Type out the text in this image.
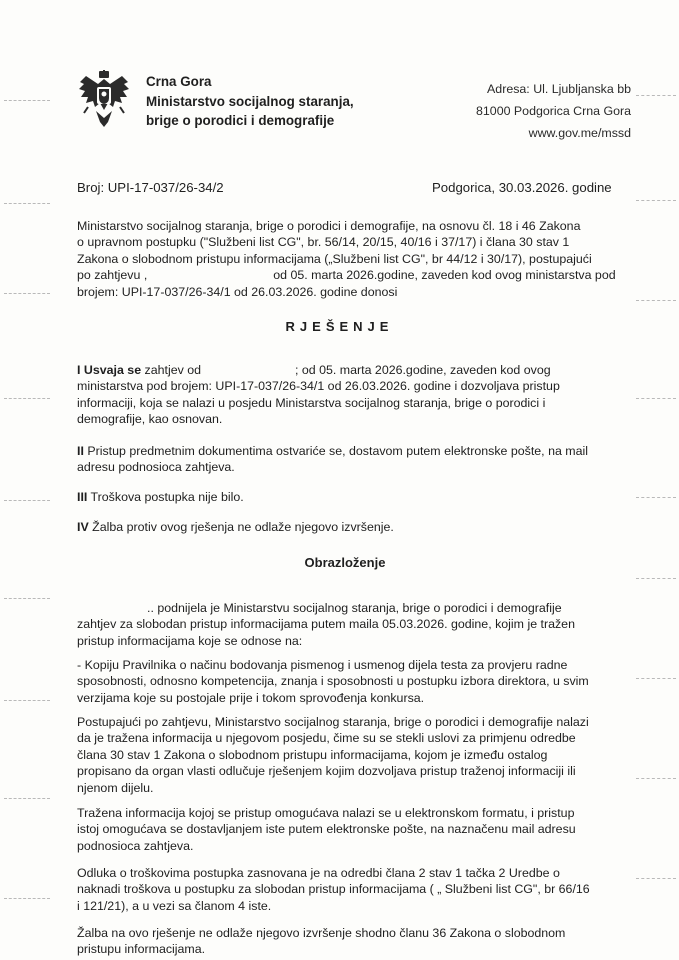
Crna Gora
Ministarstvo socijalnog staranja,
brige o porodici i demografije
Adresa: Ul. Ljubljanska bb
81000 Podgorica Crna Gora
www.gov.me/mssd
Broj: UPI-17-037/26-34/2	Podgorica, 30.03.2026. godine
Ministarstvo socijalnog staranja, brige o porodici i demografije, na osnovu čl. 18 i 46 Zakona
o upravnom postupku ("Službeni list CG", br. 56/14, 20/15, 40/16 i 37/17) i člana 30 stav 1
Zakona o slobodnom pristupu informacijama („Službeni list CG", br 44/12 i 30/17), postupajući
po zahtjevu ,	od 05. marta 2026.godine, zaveden kod ovog ministarstva pod
brojem: UPI-17-037/26-34/1 od 26.03.2026. godine donosi
RJEŠENJE
I Usvaja se zahtjev od	; od 05. marta 2026.godine, zaveden kod ovog
ministarstva pod brojem: UPI-17-037/26-34/1 od 26.03.2026. godine i dozvoljava pristup
informaciji, koja se nalazi u posjedu Ministarstva socijalnog staranja, brige o porodici i
demografije, kao osnovan.
II Pristup predmetnim dokumentima ostvariće se, dostavom putem elektronske pošte, na mail
adresu podnosioca zahtjeva.
III Troškova postupka nije bilo.
IV Žalba protiv ovog rješenja ne odlaže njegovo izvršenje.
Obrazloženje
.. podnijela je Ministarstvu socijalnog staranja, brige o porodici i demografije
zahtjev za slobodan pristup informacijama putem maila 05.03.2026. godine, kojim je tražen
pristup informacijama koje se odnose na:
- Kopiju Pravilnika o načinu bodovanja pismenog i usmenog dijela testa za provjeru radne
sposobnosti, odnosno kompetencija, znanja i sposobnosti u postupku izbora direktora, u svim
verzijama koje su postojale prije i tokom sprovođenja konkursa.
Postupajući po zahtjevu, Ministarstvo socijalnog staranja, brige o porodici i demografije nalazi
da je tražena informacija u njegovom posjedu, čime su se stekli uslovi za primjenu odredbe
člana 30 stav 1 Zakona o slobodnom pristupu informacijama, kojom je između ostalog
propisano da organ vlasti odlučuje rješenjem kojim dozvoljava pristup traženoj informaciji ili
njenom dijelu.
Tražena informacija kojoj se pristup omogućava nalazi se u elektronskom formatu, i pristup
istoj omogućava se dostavljanjem iste putem elektronske pošte, na naznačenu mail adresu
podnosioca zahtjeva.
Odluka o troškovima postupka zasnovana je na odredbi člana 2 stav 1 tačka 2 Uredbe o
naknadi troškova u postupku za slobodan pristup informacijama ( „ Službeni list CG", br 66/16
i 121/21), a u vezi sa članom 4 iste.
Žalba na ovo rješenje ne odlaže njegovo izvršenje shodno članu 36 Zakona o slobodnom
pristupu informacijama.
